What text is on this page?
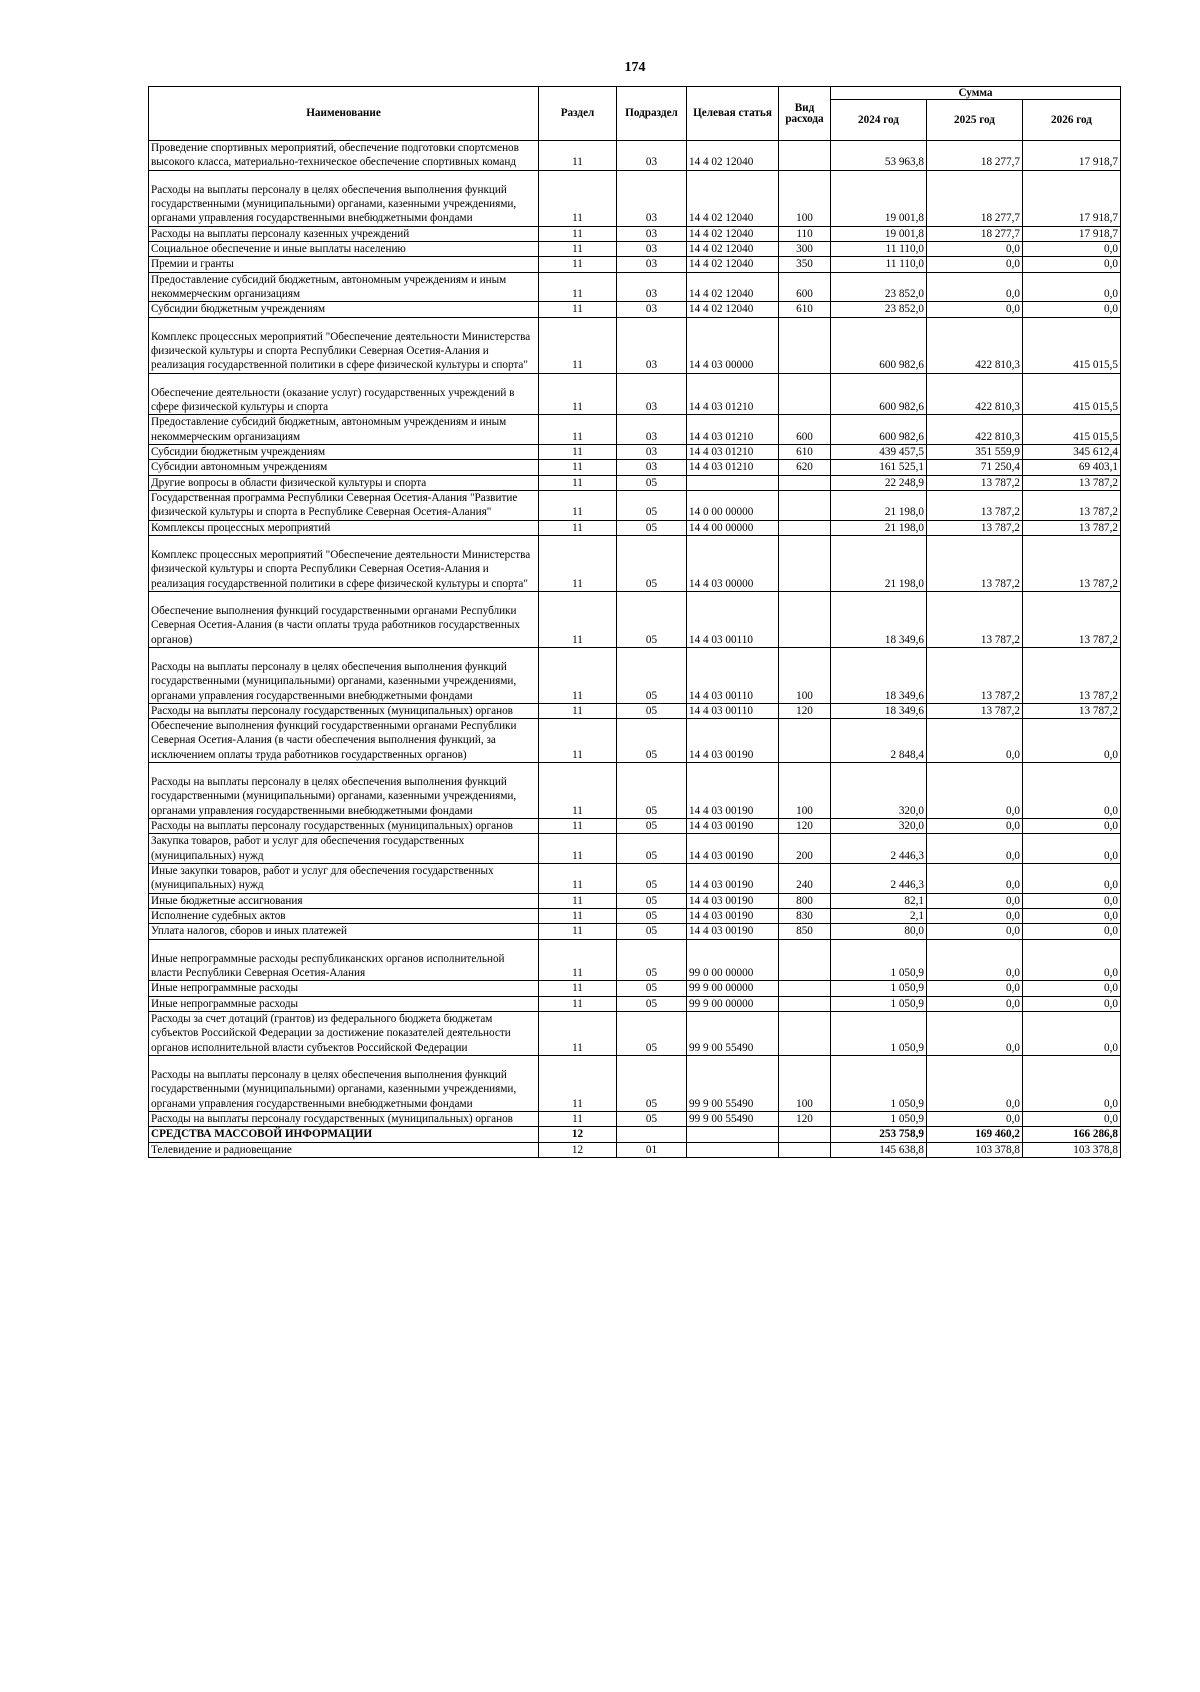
174
Наименование	Раздел	Подраздел	Целевая статья	Вид расхода	Сумма		
					2024 год	2025 год	2026 год
Проведение спортивных мероприятий, обеспечение подготовки спортсменов высокого класса, материально-техническое обеспечение спортивных команд	11	03	14 4 02 12040		53 963,8	18 277,7	17 918,7
Расходы на выплаты персоналу в целях обеспечения выполнения функций государственными (муниципальными) органами, казенными учреждениями, органами управления государственными внебюджетными фондами	11	03	14 4 02 12040	100	19 001,8	18 277,7	17 918,7
Расходы на выплаты персоналу казенных учреждений	11	03	14 4 02 12040	110	19 001,8	18 277,7	17 918,7
Социальное обеспечение и иные выплаты населению	11	03	14 4 02 12040	300	11 110,0	0,0	0,0
Премии и гранты	11	03	14 4 02 12040	350	11 110,0	0,0	0,0
Предоставление субсидий бюджетным, автономным учреждениям и иным некоммерческим организациям	11	03	14 4 02 12040	600	23 852,0	0,0	0,0
Субсидии бюджетным учреждениям	11	03	14 4 02 12040	610	23 852,0	0,0	0,0
Комплекс процессных мероприятий "Обеспечение деятельности Министерства физической культуры и спорта Республики Северная Осетия-Алания и реализация государственной политики в сфере физической культуры и спорта"	11	03	14 4 03 00000		600 982,6	422 810,3	415 015,5
Обеспечение деятельности (оказание услуг) государственных учреждений в сфере физической культуры и спорта	11	03	14 4 03 01210		600 982,6	422 810,3	415 015,5
Предоставление субсидий бюджетным, автономным учреждениям и иным некоммерческим организациям	11	03	14 4 03 01210	600	600 982,6	422 810,3	415 015,5
Субсидии бюджетным учреждениям	11	03	14 4 03 01210	610	439 457,5	351 559,9	345 612,4
Субсидии автономным учреждениям	11	03	14 4 03 01210	620	161 525,1	71 250,4	69 403,1
Другие вопросы в области физической культуры и спорта	11	05			22 248,9	13 787,2	13 787,2
Государственная программа Республики Северная Осетия-Алания "Развитие физической культуры и спорта в Республике Северная Осетия-Алания"	11	05	14 0 00 00000		21 198,0	13 787,2	13 787,2
Комплексы процессных мероприятий	11	05	14 4 00 00000		21 198,0	13 787,2	13 787,2
Комплекс процессных мероприятий "Обеспечение деятельности Министерства физической культуры и спорта Республики Северная Осетия-Алания и реализация государственной политики в сфере физической культуры и спорта"	11	05	14 4 03 00000		21 198,0	13 787,2	13 787,2
Обеспечение выполнения функций государственными органами Республики Северная Осетия-Алания (в части оплаты труда работников государственных органов)	11	05	14 4 03 00110		18 349,6	13 787,2	13 787,2
Расходы на выплаты персоналу в целях обеспечения выполнения функций государственными (муниципальными) органами, казенными учреждениями, органами управления государственными внебюджетными фондами	11	05	14 4 03 00110	100	18 349,6	13 787,2	13 787,2
Расходы на выплаты персоналу государственных (муниципальных) органов	11	05	14 4 03 00110	120	18 349,6	13 787,2	13 787,2
Обеспечение выполнения функций государственными органами Республики Северная Осетия-Алания (в части обеспечения выполнения функций, за исключением оплаты труда работников государственных органов)	11	05	14 4 03 00190		2 848,4	0,0	0,0
Расходы на выплаты персоналу в целях обеспечения выполнения функций государственными (муниципальными) органами, казенными учреждениями, органами управления государственными внебюджетными фондами	11	05	14 4 03 00190	100	320,0	0,0	0,0
Расходы на выплаты персоналу государственных (муниципальных) органов	11	05	14 4 03 00190	120	320,0	0,0	0,0
Закупка товаров, работ и услуг для обеспечения государственных (муниципальных) нужд	11	05	14 4 03 00190	200	2 446,3	0,0	0,0
Иные закупки товаров, работ и услуг для обеспечения государственных (муниципальных) нужд	11	05	14 4 03 00190	240	2 446,3	0,0	0,0
Иные бюджетные ассигнования	11	05	14 4 03 00190	800	82,1	0,0	0,0
Исполнение судебных актов	11	05	14 4 03 00190	830	2,1	0,0	0,0
Уплата налогов, сборов и иных платежей	11	05	14 4 03 00190	850	80,0	0,0	0,0
Иные непрограммные расходы республиканских органов исполнительной власти Республики Северная Осетия-Алания	11	05	99 0 00 00000		1 050,9	0,0	0,0
Иные непрограммные расходы	11	05	99 9 00 00000		1 050,9	0,0	0,0
Иные непрограммные расходы	11	05	99 9 00 00000		1 050,9	0,0	0,0
Расходы за счет дотаций (грантов) из федерального бюджета бюджетам субъектов Российской Федерации за достижение показателей деятельности органов исполнительной власти субъектов Российской Федерации	11	05	99 9 00 55490		1 050,9	0,0	0,0
Расходы на выплаты персоналу в целях обеспечения выполнения функций государственными (муниципальными) органами, казенными учреждениями, органами управления государственными внебюджетными фондами	11	05	99 9 00 55490	100	1 050,9	0,0	0,0
Расходы на выплаты персоналу государственных (муниципальных) органов	11	05	99 9 00 55490	120	1 050,9	0,0	0,0
СРЕДСТВА МАССОВОЙ ИНФОРМАЦИИ	12				253 758,9	169 460,2	166 286,8
Телевидение и радиовещание	12	01			145 638,8	103 378,8	103 378,8
